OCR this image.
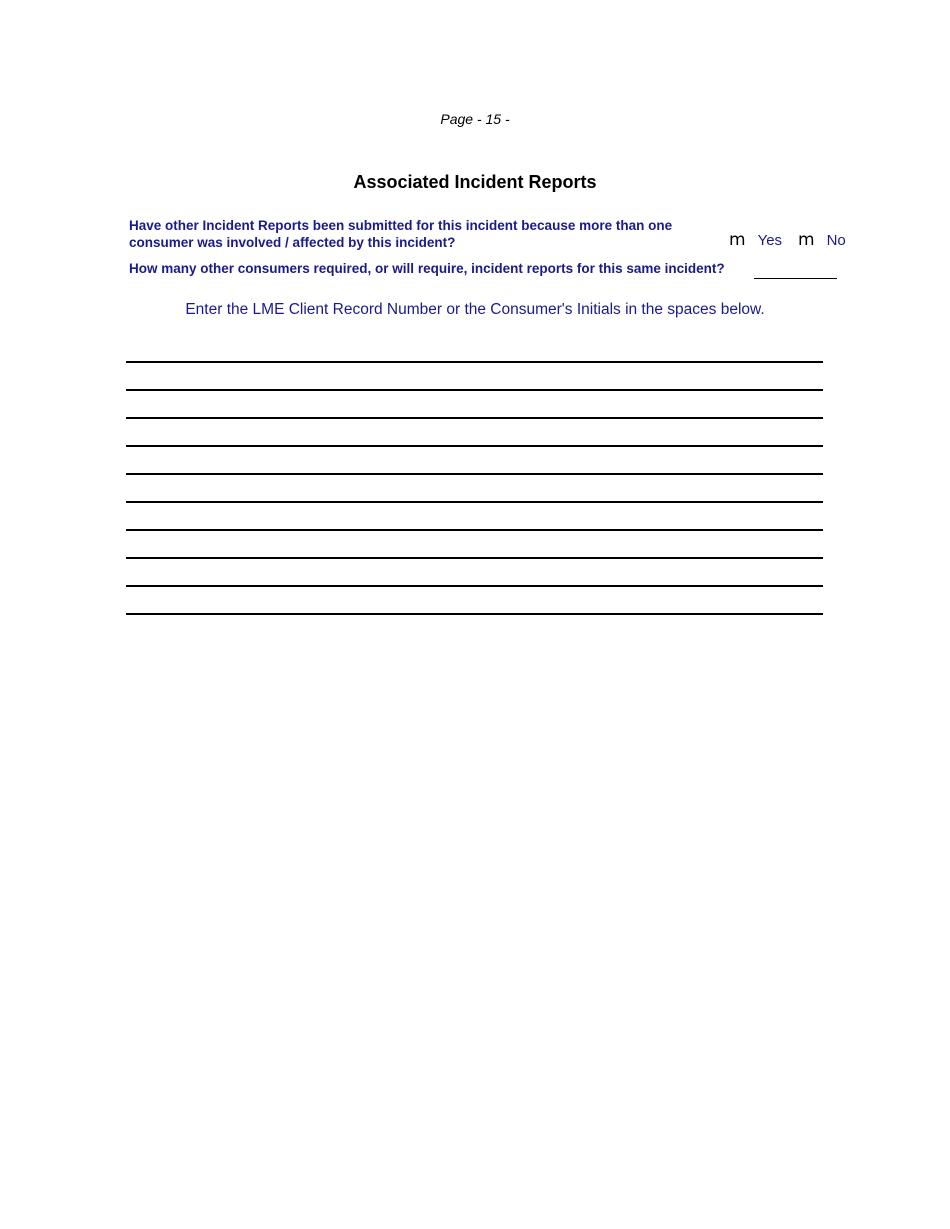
Page - 15 -
Associated Incident Reports
Have other Incident Reports been submitted for this incident because more than one
consumer was involved / affected by this incident?	m Yes m No
How many other consumers required, or will require, incident reports for this same incident?
Enter the LME Client Record Number or the Consumer's Initials in the spaces below.
